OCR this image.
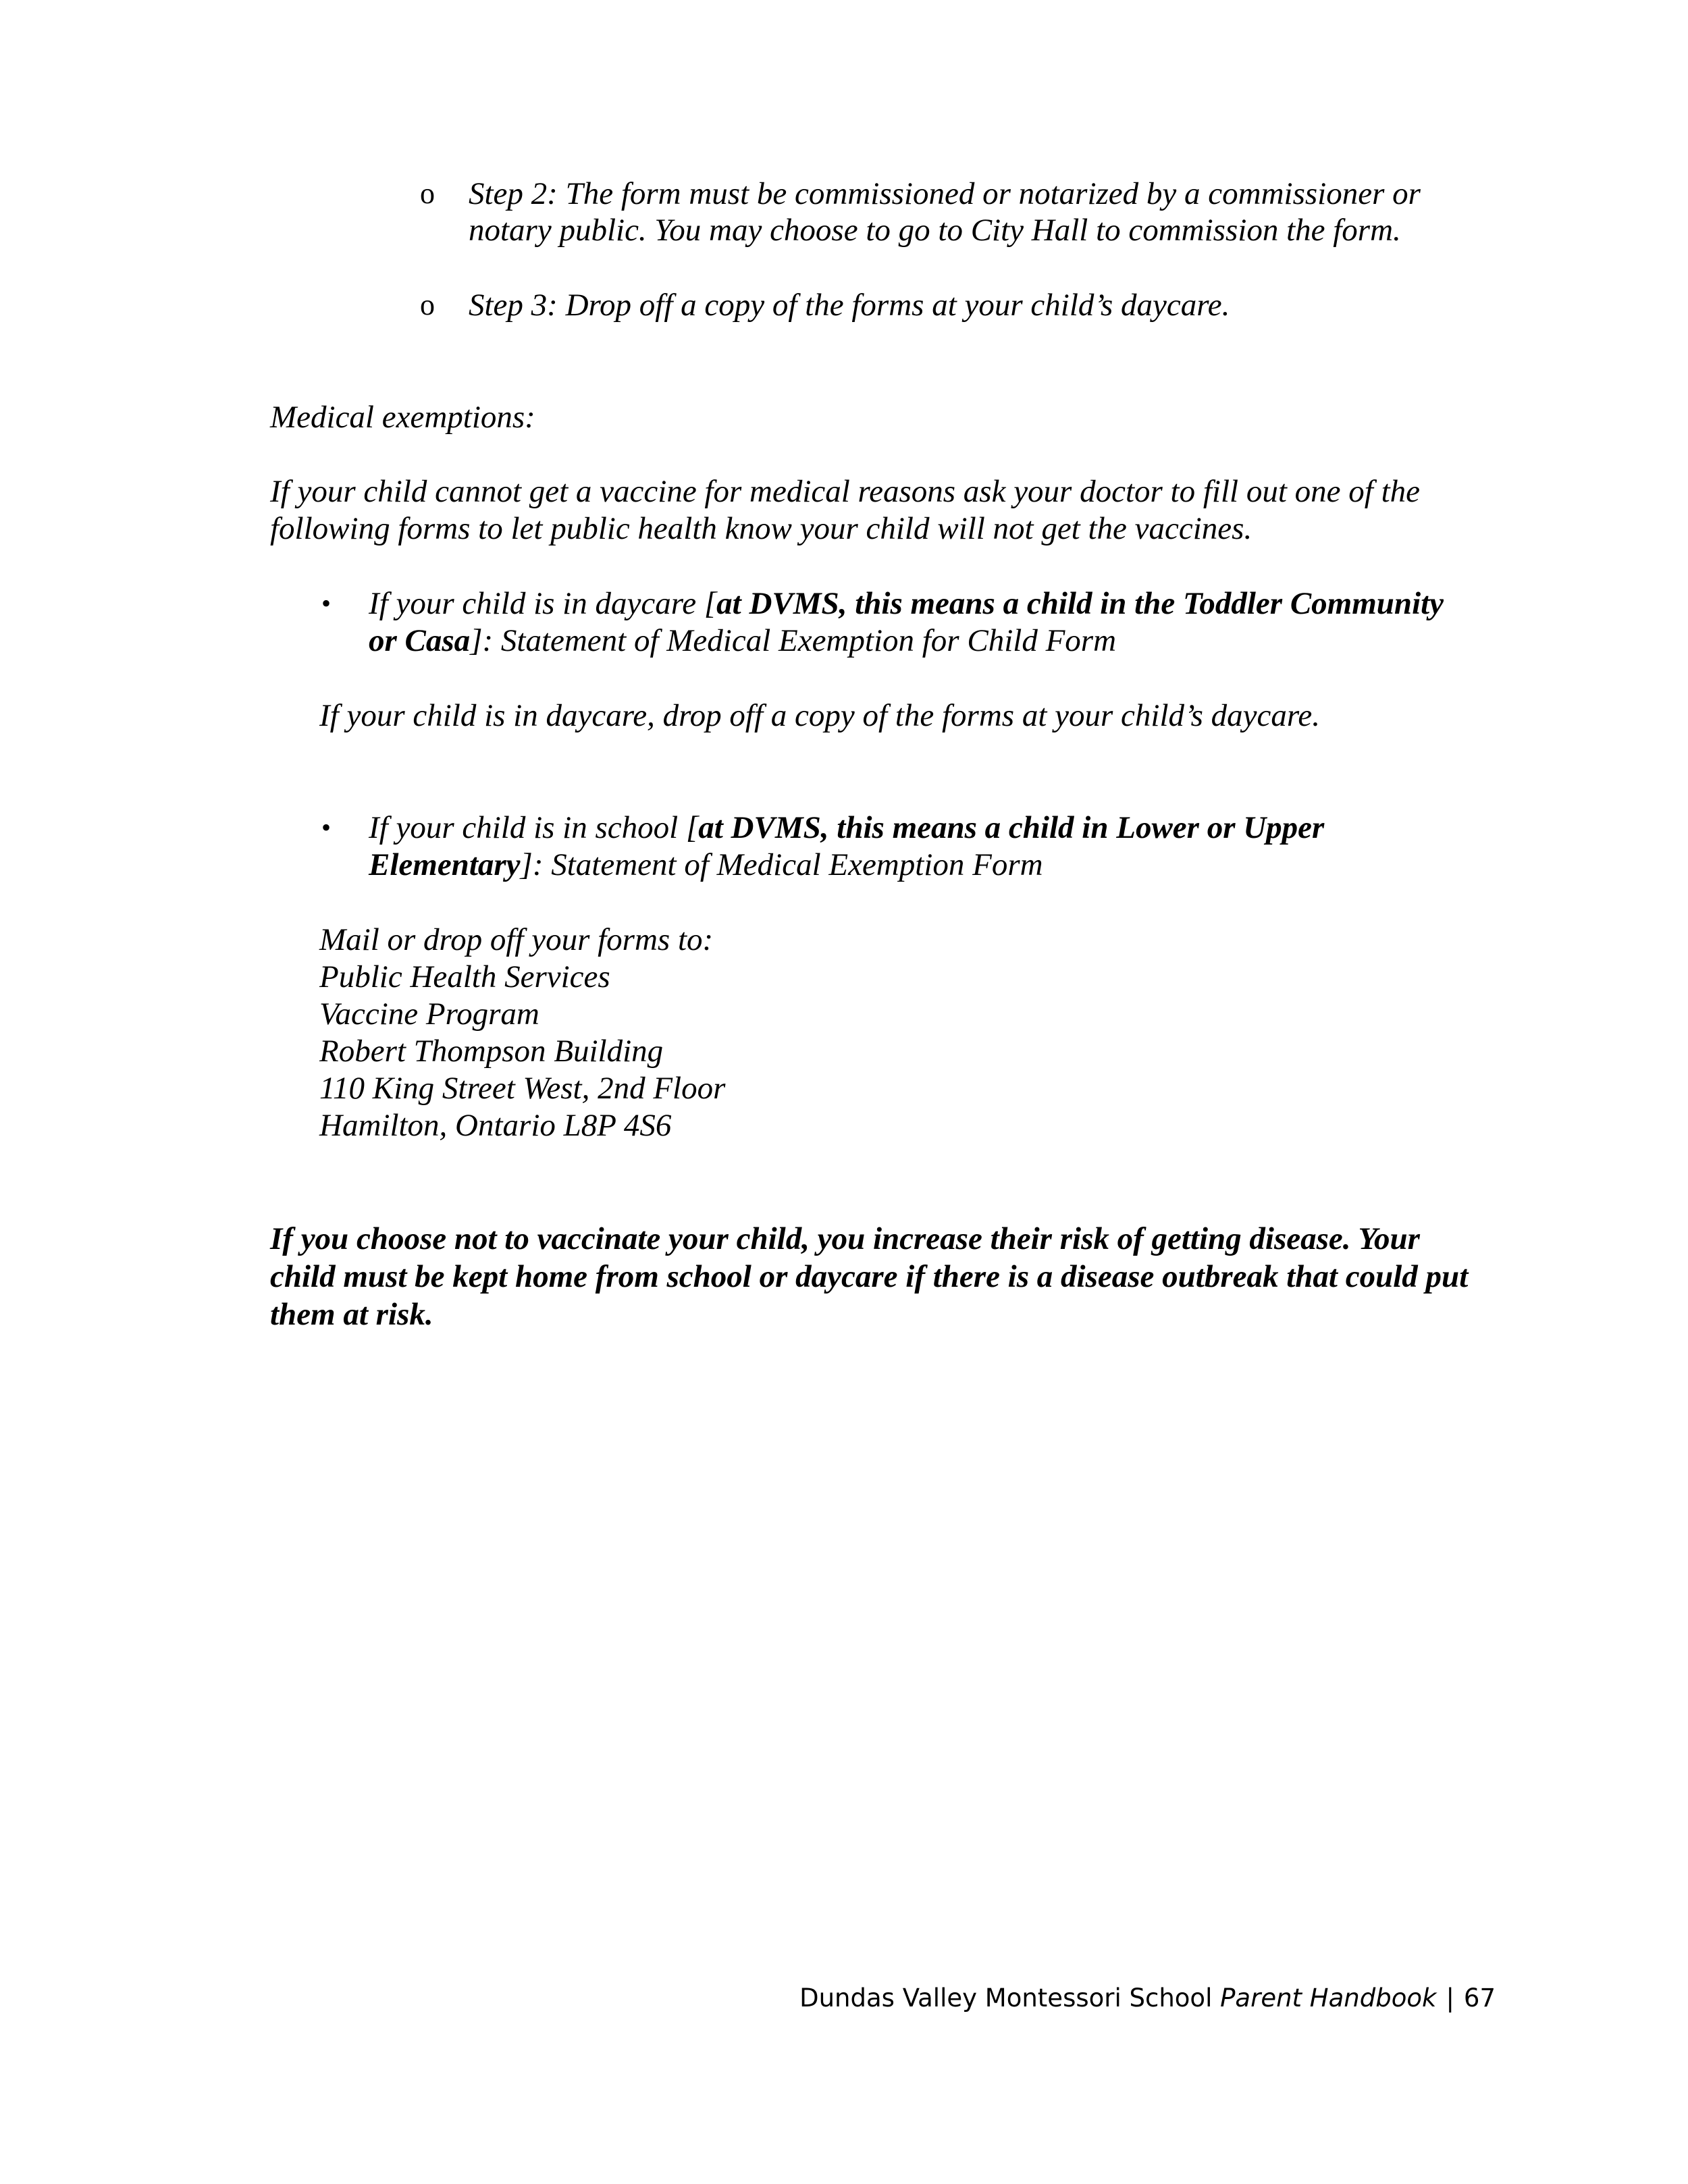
o Step 2: The form must be commissioned or notarized by a commissioner or
notary public. You may choose to go to City Hall to commission the form.
o Step 3: Drop off a copy of the forms at your child’s daycare.
Medical exemptions:
If your child cannot get a vaccine for medical reasons ask your doctor to fill out one of the
following forms to let public health know your child will not get the vaccines.
• If your child is in daycare [at DVMS, this means a child in the Toddler Community
or Casa]: Statement of Medical Exemption for Child Form
If your child is in daycare, drop off a copy of the forms at your child’s daycare.
• If your child is in school [at DVMS, this means a child in Lower or Upper
Elementary]: Statement of Medical Exemption Form
Mail or drop off your forms to:
Public Health Services
Vaccine Program
Robert Thompson Building
110 King Street West, 2nd Floor
Hamilton, Ontario L8P 4S6
If you choose not to vaccinate your child, you increase their risk of getting disease. Your child must be kept home from school or daycare if there is a disease outbreak that could put them at risk.
Dundas Valley Montessori School Parent Handbook | 67
